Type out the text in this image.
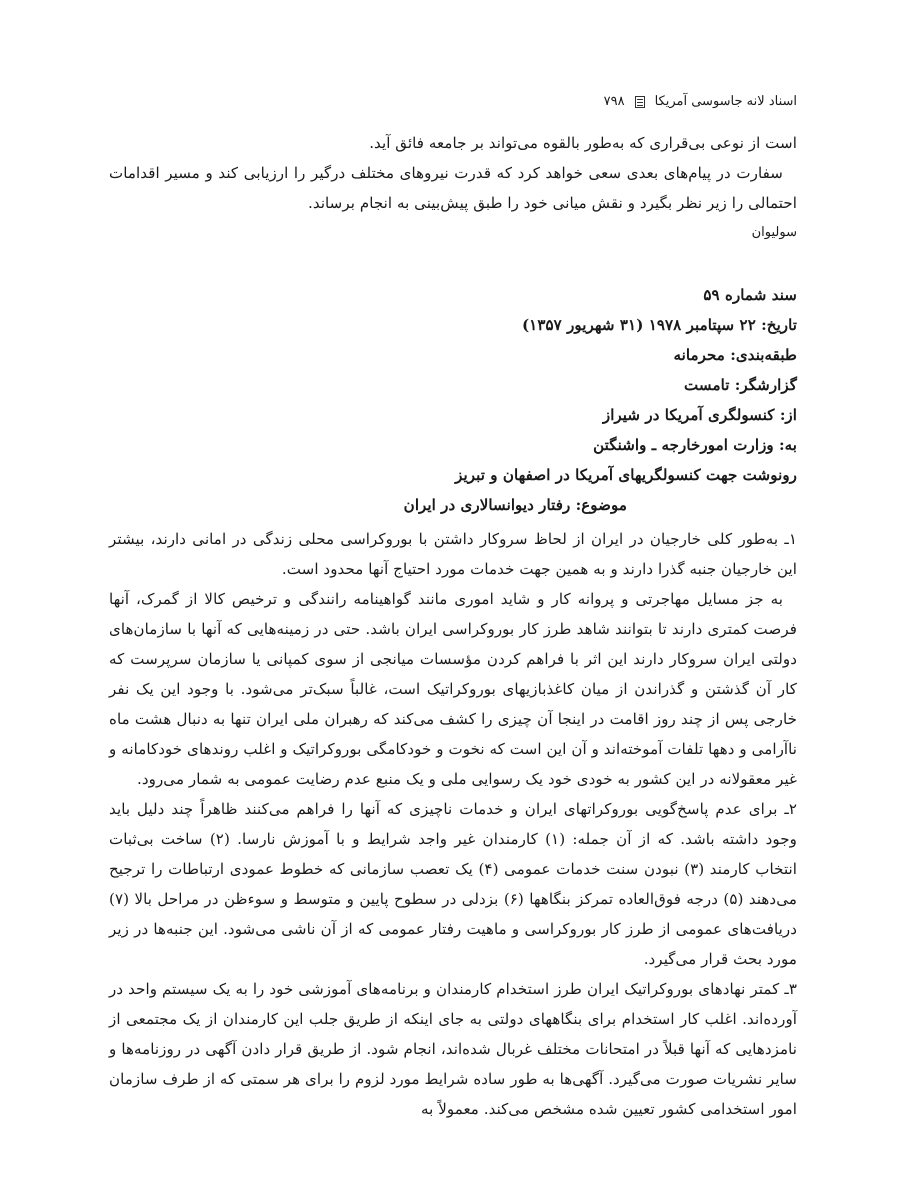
اسناد لانه جاسوسی آمریکا
۷۹۸

است از نوعی بی‌قراری که به‌طور بالقوه می‌تواند بر جامعه فائق آید.

سفارت در پیام‌های بعدی سعی خواهد کرد که قدرت نیروهای مختلف درگیر را ارزیابی کند و مسیر اقدامات احتمالی را زیر نظر بگیرد و نقش میانی خود را طبق پیش‌بینی به انجام برساند.

سولیوان

سند شماره ۵۹
تاریخ: ۲۲ سپتامبر ۱۹۷۸ (۳۱ شهریور ۱۳۵۷)
طبقه‌بندی: محرمانه
گزارشگر: تامست
از: کنسولگری آمریکا در شیراز
به: وزارت امورخارجه ـ واشنگتن
رونوشت جهت کنسولگریهای آمریکا در اصفهان و تبریز
موضوع: رفتار دیوانسالاری در ایران

۱ـ به‌طور کلی خارجیان در ایران از لحاظ سروکار داشتن با بوروکراسی محلی زندگی در امانی دارند، بیشتر این خارجیان جنبه گذرا دارند و به همین جهت خدمات مورد احتیاج آنها محدود است.

به جز مسایل مهاجرتی و پروانه کار و شاید اموری مانند گواهینامه رانندگی و ترخیص کالا از گمرک، آنها فرصت کمتری دارند تا بتوانند شاهد طرز کار بوروکراسی ایران باشد. حتی در زمینه‌هایی که آنها با سازمان‌های دولتی ایران سروکار دارند این اثر با فراهم کردن مؤسسات میانجی از سوی کمپانی یا سازمان سرپرست که کار آن گذشتن و گذراندن از میان کاغذبازیهای بوروکراتیک است، غالباً سبک‌تر می‌شود. با وجود این یک نفر خارجی پس از چند روز اقامت در اینجا آن چیزی را کشف می‌کند که رهبران ملی ایران تنها به دنبال هشت ماه ناآرامی و دهها تلفات آموخته‌اند و آن این است که نخوت و خودکامگی بوروکراتیک و اغلب روندهای خودکامانه و غیر معقولانه در این کشور به خودی خود یک رسوایی ملی و یک منبع عدم رضایت عمومی به شمار می‌رود.

۲ـ برای عدم پاسخ‌گویی بوروکراتهای ایران و خدمات ناچیزی که آنها را فراهم می‌کنند ظاهراً چند دلیل باید وجود داشته باشد. که از آن جمله: (۱) کارمندان غیر واجد شرایط و با آموزش نارسا. (۲) ساخت بی‌ثبات انتخاب کارمند (۳) نبودن سنت خدمات عمومی (۴) یک تعصب سازمانی که خطوط عمودی ارتباطات را ترجیح می‌دهند (۵) درجه فوق‌العاده تمرکز بنگاهها (۶) بزدلی در سطوح پایین و متوسط و سوءظن در مراحل بالا (۷) دریافت‌های عمومی از طرز کار بوروکراسی و ماهیت رفتار عمومی که از آن ناشی می‌شود. این جنبه‌ها در زیر مورد بحث قرار می‌گیرد.

۳ـ کمتر نهادهای بوروکراتیک ایران طرز استخدام کارمندان و برنامه‌های آموزشی خود را به یک سیستم واحد در آورده‌اند. اغلب کار استخدام برای بنگاههای دولتی به جای اینکه از طریق جلب این کارمندان از یک مجتمعی از نامزدهایی که آنها قبلاً در امتحانات مختلف غربال شده‌اند، انجام شود. از طریق قرار دادن آگهی در روزنامه‌ها و سایر نشریات صورت می‌گیرد. آگهی‌ها به طور ساده شرایط مورد لزوم را برای هر سمتی که از طرف سازمان امور استخدامی کشور تعیین شده مشخص می‌کند. معمولاً به
